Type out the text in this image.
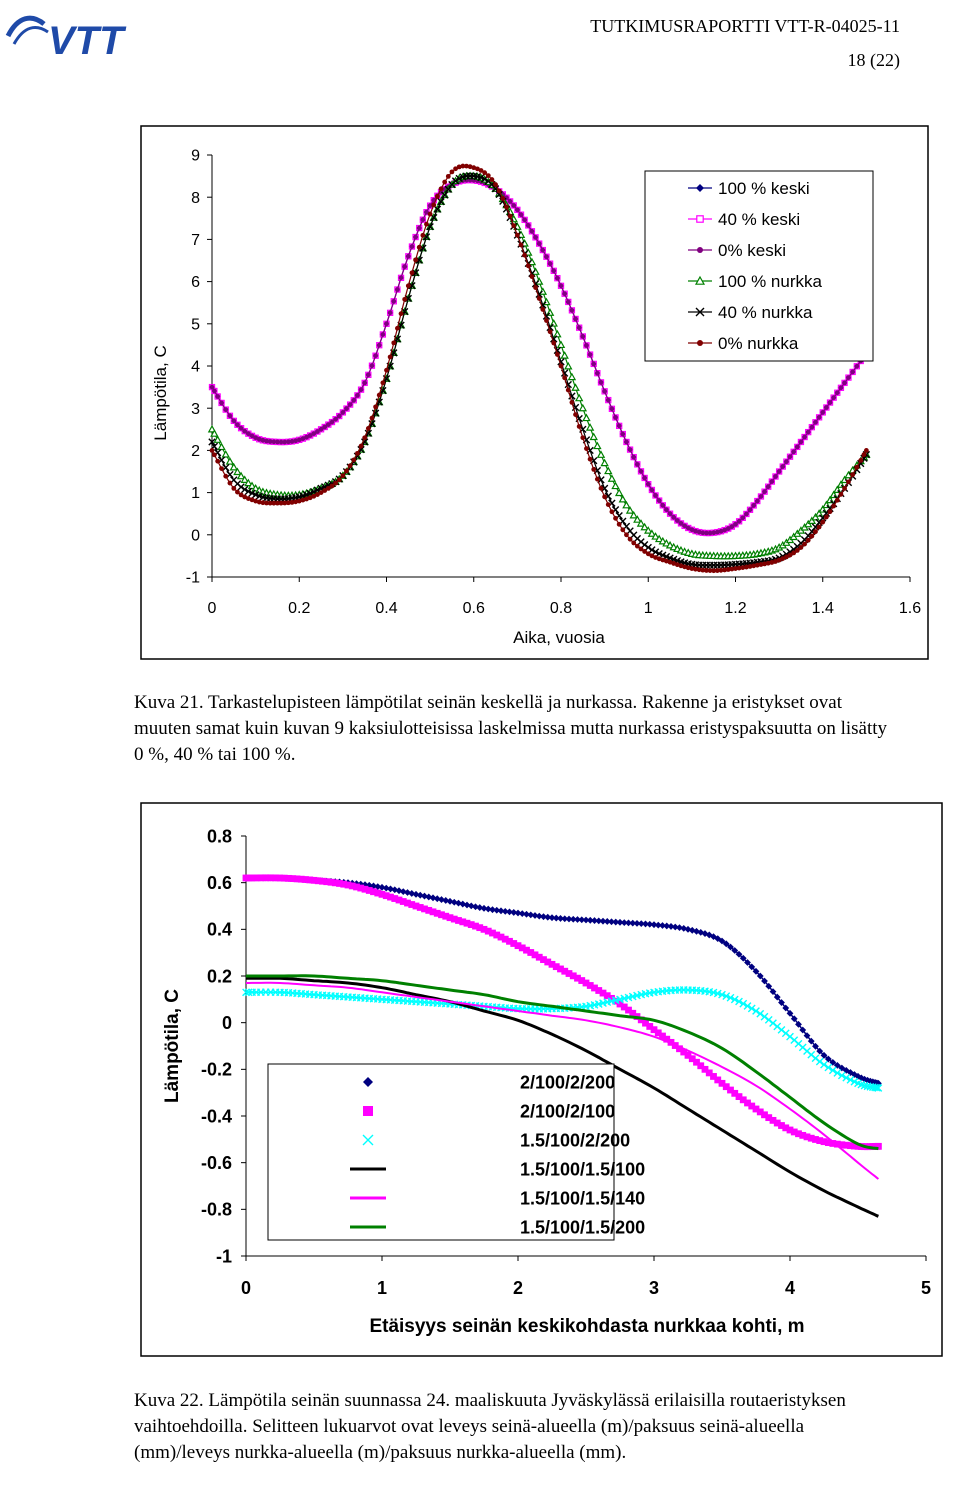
VTT	TUTKIMUSRAPORTTI VTT-R-04025-11
18 (22)
-1
0
1
2
3
4
5
6
7
8
9
0	0.2	0.4	0.6	0.8	1	1.2	1.4	1.6
Lämpötila, C
Aika, vuosia
100 % keski
40 % keski
0% keski
100 % nurkka
40 % nurkka
0% nurkka
Kuva 21. Tarkastelupisteen lämpötilat seinän keskellä ja nurkassa. Rakenne ja eristykset ovat muuten samat kuin kuvan 9 kaksiulotteisissa laskelmissa mutta nurkassa eristyspaksuutta on lisätty 0 %, 40 % tai 100 %.
-1
-0.8
-0.6
-0.4
-0.2
0
0.2
0.4
0.6
0.8
0	1	2	3	4	5
Lämpötila, C
Etäisyys seinän keskikohdasta nurkkaa kohti, m
2/100/2/200
2/100/2/100
1.5/100/2/200
1.5/100/1.5/100
1.5/100/1.5/140
1.5/100/1.5/200
Kuva 22. Lämpötila seinän suunnassa 24. maaliskuuta Jyväskylässä erilaisilla routaeristyksen vaihtoehdoilla. Selitteen lukuarvot ovat leveys seinä-alueella (m)/paksuus seinä-alueella (mm)/leveys nurkka-alueella (m)/paksuus nurkka-alueella (mm).
